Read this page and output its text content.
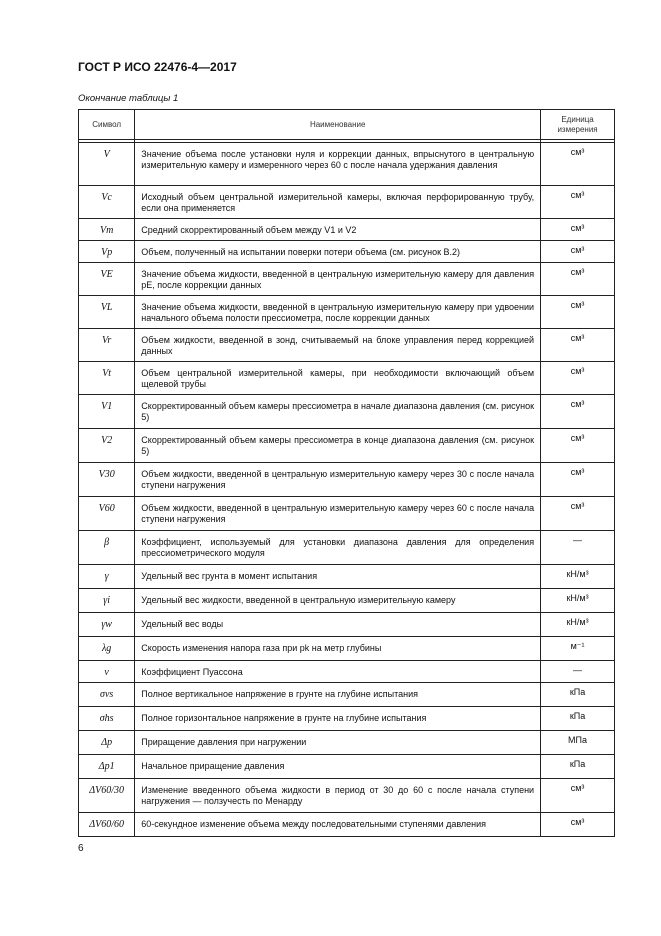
ГОСТ Р ИСО 22476-4—2017
Окончание таблицы 1
Символ	Наименование	Единица
измерения

V	Значение объема после установки нуля и коррекции данных, впрыснутого в центральную измерительную камеру и измеренного через 60 с после начала удержания давления	см³
Vc	Исходный объем центральной измерительной камеры, включая перфорированную трубу, если она применяется	см³
Vm	Средний скорректированный объем между V1 и V2	см³
Vp	Объем, полученный на испытании поверки потери объема (см. рисунок В.2)	см³
VE	Значение объема жидкости, введенной в центральную измерительную камеру для давления pE, после коррекции данных	см³
VL	Значение объема жидкости, введенной в центральную измерительную камеру при удвоении начального объема полости прессиометра, после коррекции данных	см³
Vr	Объем жидкости, введенной в зонд, считываемый на блоке управления перед коррекцией данных	см³
Vt	Объем центральной измерительной камеры, при необходимости включающий объем щелевой трубы	см³
V1	Скорректированный объем камеры прессиометра в начале диапазона давления (см. рисунок 5)	см³
V2	Скорректированный объем камеры прессиометра в конце диапазона давления (см. рисунок 5)	см³
V30	Объем жидкости, введенной в центральную измерительную камеру через 30 с после начала ступени нагружения	см³
V60	Объем жидкости, введенной в центральную измерительную камеру через 60 с после начала ступени нагружения	см³
β	Коэффициент, используемый для установки диапазона давления для определения прессиометрического модуля	—
γ	Удельный вес грунта в момент испытания	кН/м³
γi	Удельный вес жидкости, введенной в центральную измерительную камеру	кН/м³
γw	Удельный вес воды	кН/м³
λg	Скорость изменения напора газа при pk на метр глубины	м⁻¹
ν	Коэффициент Пуассона	—
σvs	Полное вертикальное напряжение в грунте на глубине испытания	кПа
σhs	Полное горизонтальное напряжение в грунте на глубине испытания	кПа
Δp	Приращение давления при нагружении	МПа
Δp1	Начальное приращение давления	кПа
ΔV60/30	Изменение введенного объема жидкости в период от 30 до 60 с после начала ступени нагружения — ползучесть по Менарду	см³
ΔV60/60	60-секундное изменение объема между последовательными ступенями давления	см³
6
